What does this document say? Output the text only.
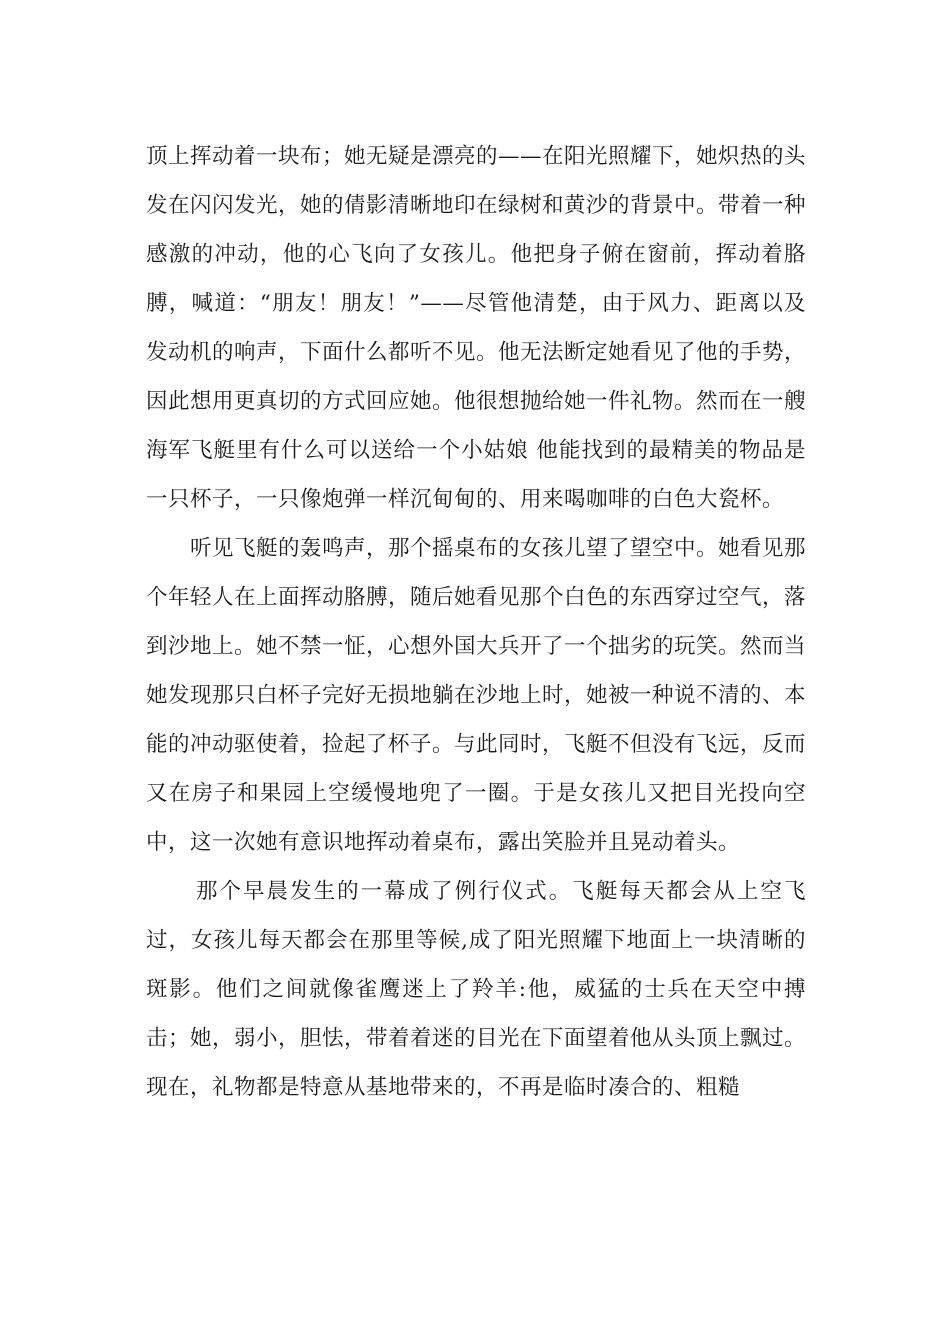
顶上挥动着一块布；她无疑是漂亮的——在阳光照耀下，她炽热的头发在闪闪发光，她的倩影清晰地印在绿树和黄沙的背景中。带着一种感激的冲动，他的心飞向了女孩儿。他把身子俯在窗前，挥动着胳膊，喊道：“朋友！朋友！”——尽管他清楚，由于风力、距离以及发动机的响声，下面什么都听不见。他无法断定她看见了他的手势，因此想用更真切的方式回应她。他很想抛给她一件礼物。然而在一艘海军飞艇里有什么可以送给一个小姑娘 他能找到的最精美的物品是一只杯子，一只像炮弹一样沉甸甸的、用来喝咖啡的白色大瓷杯。

听见飞艇的轰鸣声，那个摇桌布的女孩儿望了望空中。她看见那个年轻人在上面挥动胳膊，随后她看见那个白色的东西穿过空气，落到沙地上。她不禁一怔，心想外国大兵开了一个拙劣的玩笑。然而当她发现那只白杯子完好无损地躺在沙地上时，她被一种说不清的、本能的冲动驱使着，捡起了杯子。与此同时，飞艇不但没有飞远，反而又在房子和果园上空缓慢地兜了一圈。于是女孩儿又把目光投向空中，这一次她有意识地挥动着桌布，露出笑脸并且晃动着头。

那个早晨发生的一幕成了例行仪式。飞艇每天都会从上空飞过，女孩儿每天都会在那里等候,成了阳光照耀下地面上一块清晰的斑影。他们之间就像雀鹰迷上了羚羊:他，威猛的士兵在天空中搏击；她，弱小，胆怯，带着着迷的目光在下面望着他从头顶上飘过。现在，礼物都是特意从基地带来的，不再是临时凑合的、粗糙
